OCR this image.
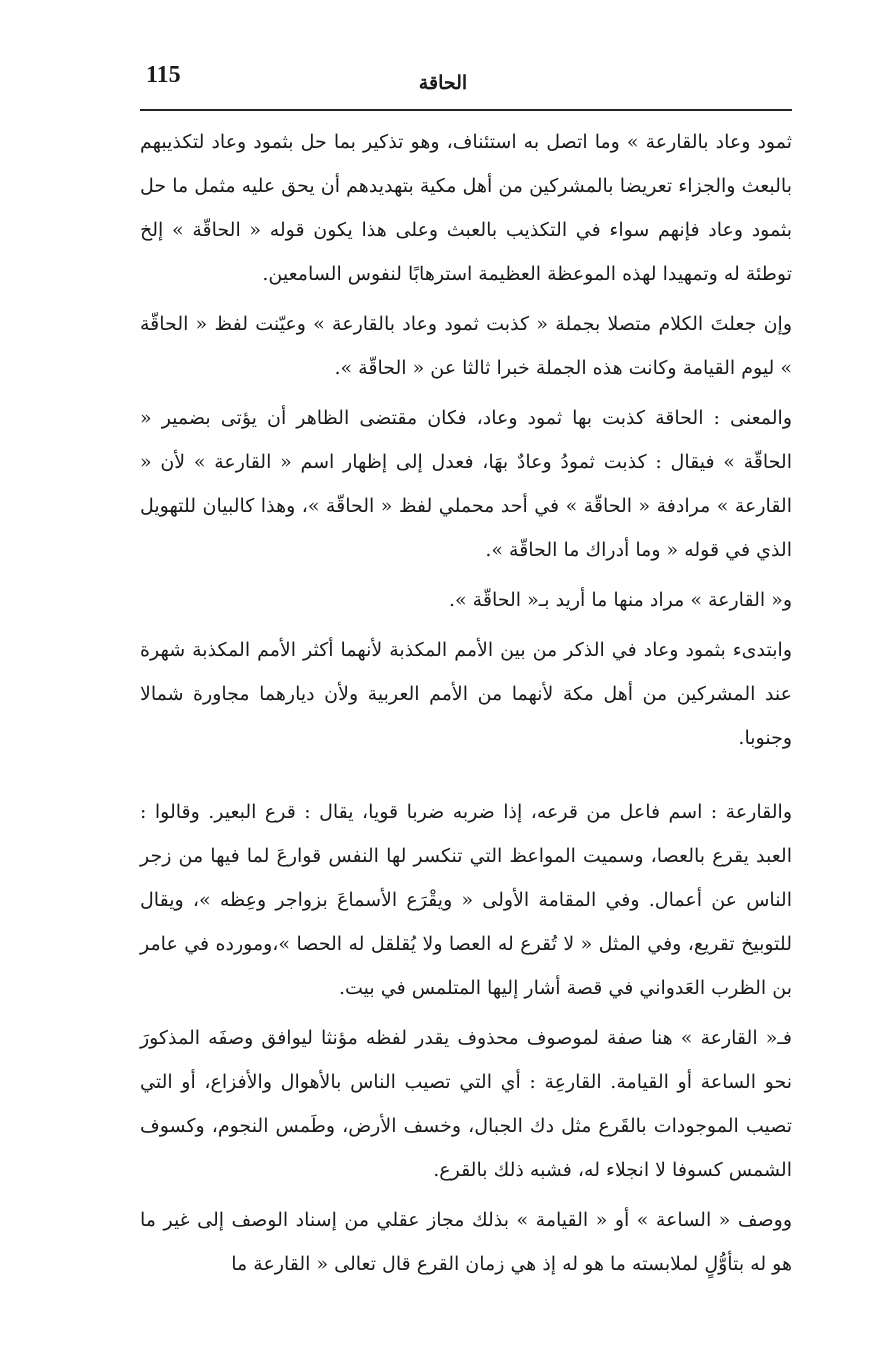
115	الحاقة

ثمود وعاد بالقارعة » وما اتصل به استئناف، وهو تذكير بما حل بثمود وعاد لتكذيبهم بالبعث والجزاء تعريضا بالمشركين من أهل مكية بتهديدهم أن يحق عليه مثمل ما حل بثمود وعاد فإنهم سواء في التكذيب بالعبث وعلى هذا يكون قوله « الحاقّة » إلخ توطئة له وتمهيدا لهذه الموعظة العظيمة استرهابًا لنفوس السامعين.

وإن جعلتَ الكلام متصلا بجملة « كذبت ثمود وعاد بالقارعة » وعيّنت لفظ « الحاقّة » ليوم القيامة وكانت هذه الجملة خبرا ثالثا عن « الحاقّة ».

والمعنى : الحاقة كذبت بها ثمود وعاد، فكان مقتضى الظاهر أن يؤتى بضمير « الحاقّة » فيقال : كذبت ثمودُ وعادٌ بهَا، فعدل إلى إظهار اسم « القارعة » لأن « القارعة » مرادفة « الحاقّة » في أحد محملي لفظ « الحاقّة »، وهذا كالبيان للتهويل الذي في قوله « وما أدراك ما الحاقّة ».

و« القارعة » مراد منها ما أريد بـ« الحاقّة ».

وابتدىء بثمود وعاد في الذكر من بين الأمم المكذبة لأنهما أكثر الأمم المكذبة شهرة عند المشركين من أهل مكة لأنهما من الأمم العربية ولأن ديارهما مجاورة شمالا وجنوبا.

والقارعة : اسم فاعل من قرعه، إذا ضربه ضربا قويا، يقال : قرع البعير. وقالوا : العبد يقرع بالعصا، وسميت المواعظ التي تنكسر لها النفس قوارعَ لما فيها من زجر الناس عن أعمال. وفي المقامة الأولى « ويقْرَع الأسماعَ بزواجر وعِظه »، ويقال للتوبيخ تقريع، وفي المثل « لا تُقرع له العصا ولا يُقلقل له الحصا »،ومورده في عامر بن الظرب العَدواني في قصة أشار إليها المتلمس في بيت.

فـ« القارعة » هنا صفة لموصوف محذوف يقدر لفظه مؤنثا ليوافق وصفَه المذكورَ نحو الساعة أو القيامة. القارعِة : أي التي تصيب الناس بالأهوال والأفزاع، أو التي تصيب الموجودات بالقَرع مثل دك الجبال، وخسف الأرض، وطَمس النجوم، وكسوف الشمس كسوفا لا انجلاء له، فشبه ذلك بالقرع.

ووصف « الساعة » أو « القيامة » بذلك مجاز عقلي من إسناد الوصف إلى غير ما هو له بتأوُّلٍ لملابسته ما هو له إذ هي زمان القرع قال تعالى « القارعة ما
